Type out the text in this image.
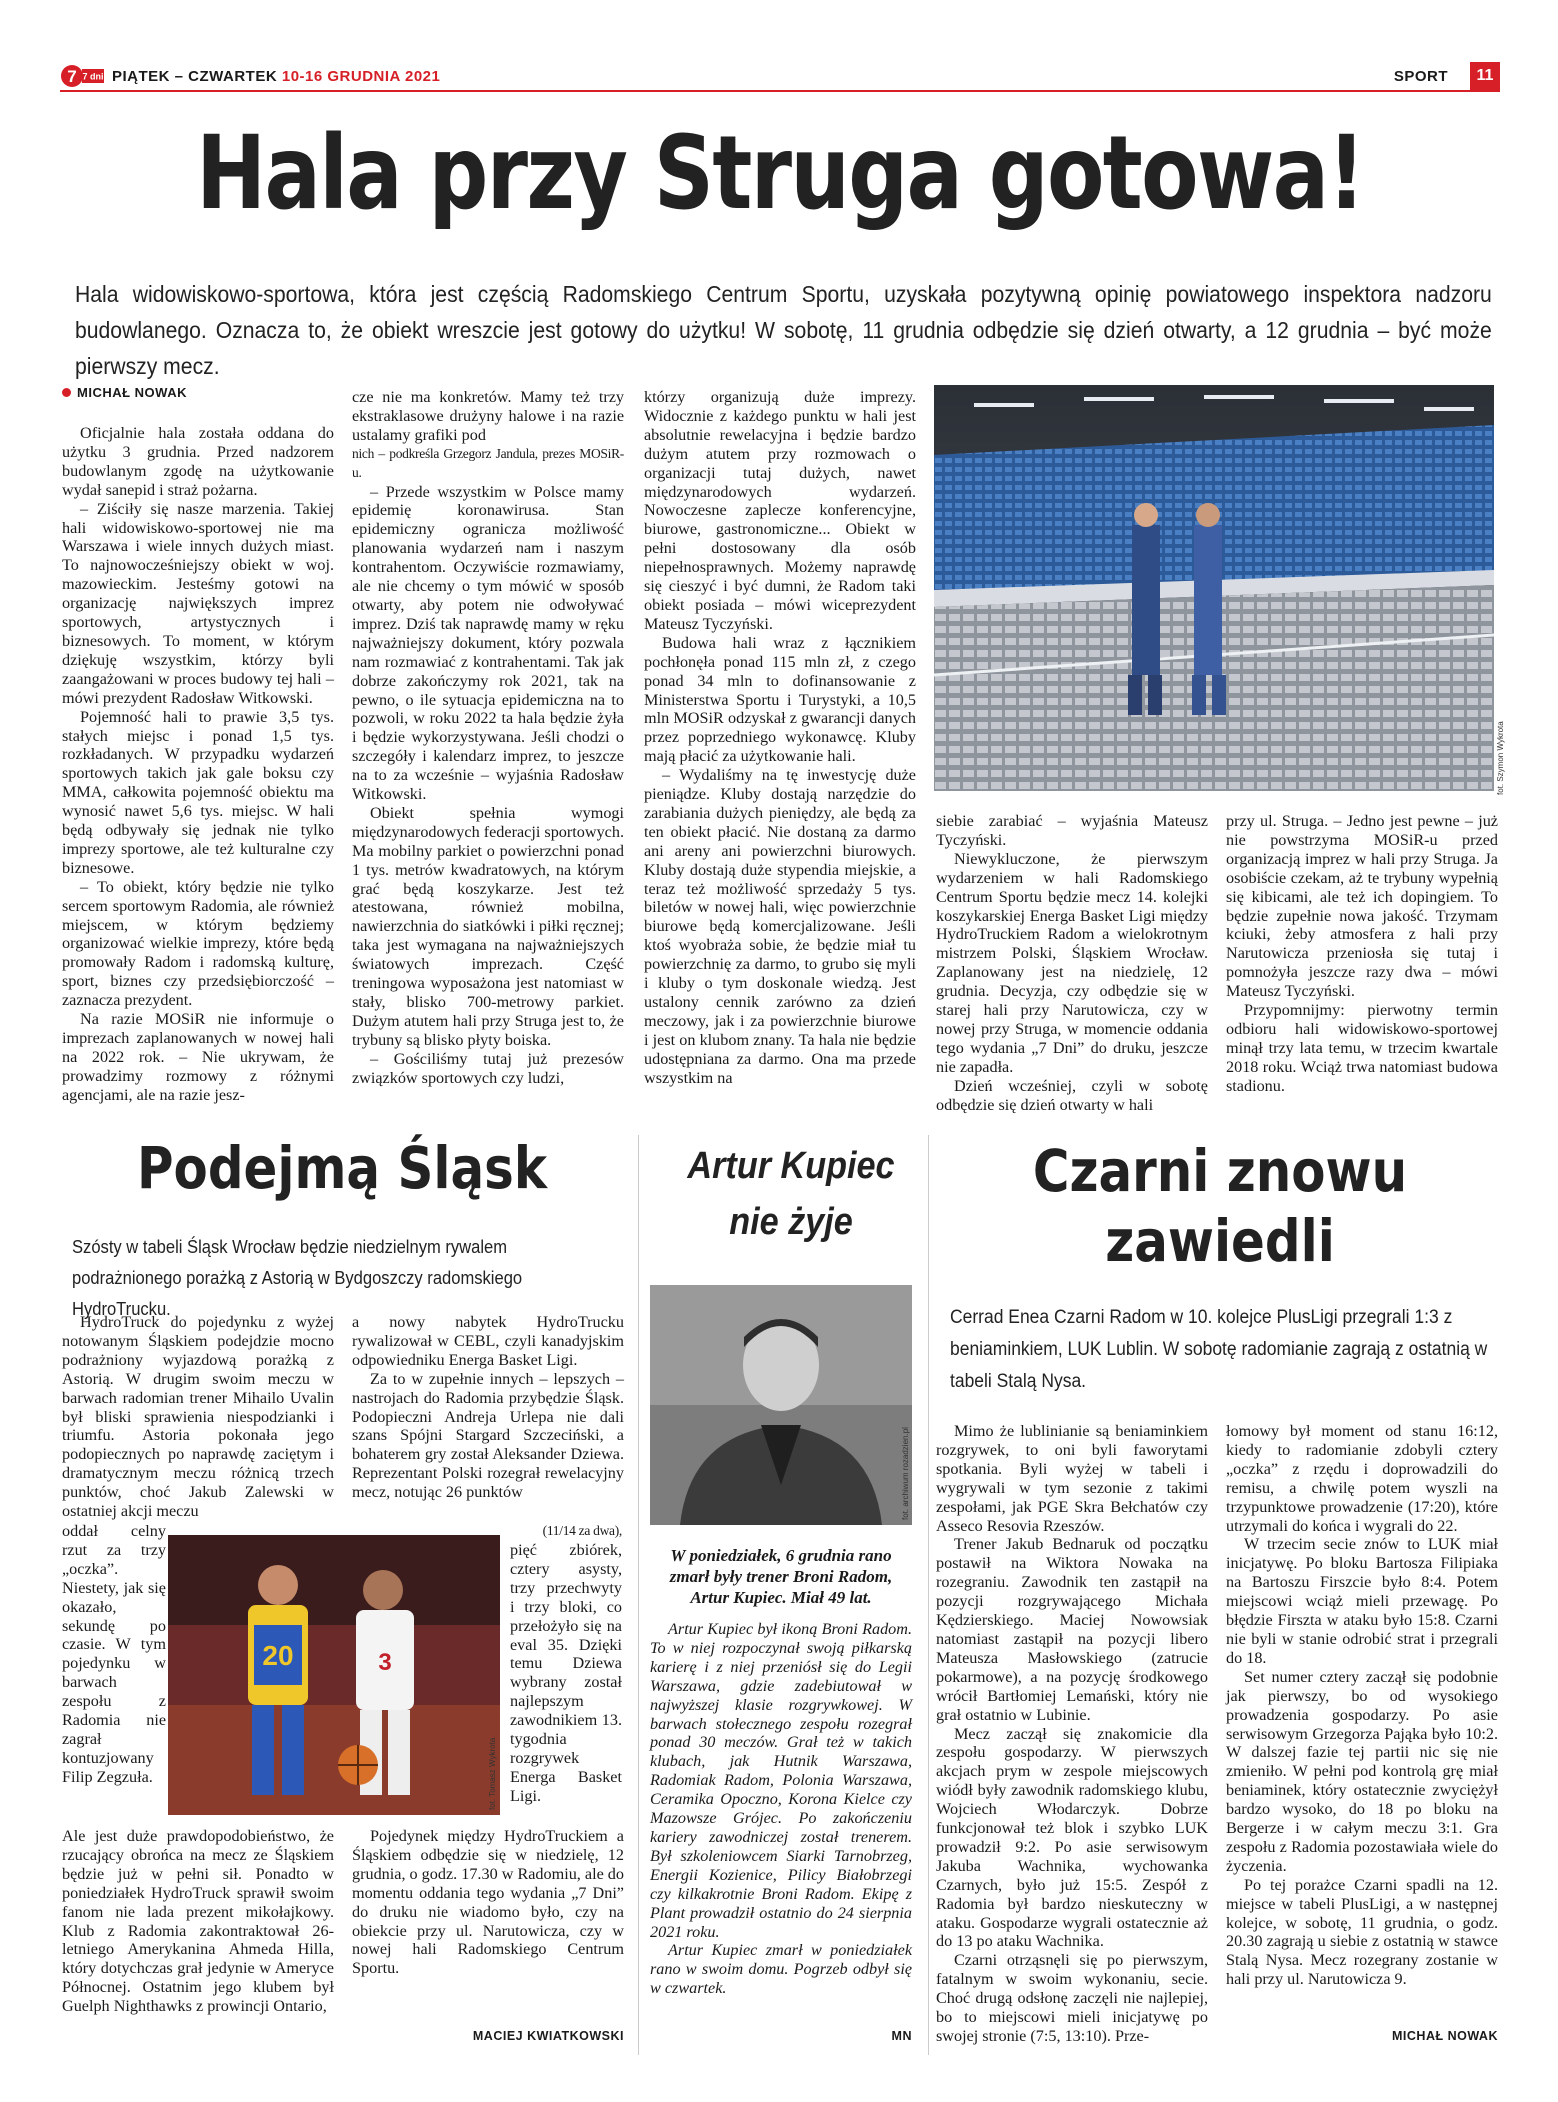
7 7 dni PIĄTEK – CZWARTEK 10-16 GRUDNIA 2021	SPORT	11
Hala przy Struga gotowa!
Hala widowiskowo-sportowa, która jest częścią Radomskiego Centrum Sportu, uzyskała pozytywną opinię powiatowego inspektora nadzoru budowlanego. Oznacza to, że obiekt wreszcie jest gotowy do użytku! W sobotę, 11 grudnia odbędzie się dzień otwarty, a 12 grudnia – być może pierwszy mecz.
MICHAŁ NOWAK

Oficjalnie hala została oddana do użytku 3 grudnia. Przed nadzorem budowlanym zgodę na użytkowanie wydał sanepid i straż pożarna.

– Ziściły się nasze marzenia. Takiej hali widowiskowo-sportowej nie ma Warszawa i wiele innych dużych miast. To najnowocześniejszy obiekt w woj. mazowieckim. Jesteśmy gotowi na organizację największych imprez sportowych, artystycznych i biznesowych. To moment, w którym dziękuję wszystkim, którzy byli zaangażowani w proces budowy tej hali – mówi prezydent Radosław Witkowski.

Pojemność hali to prawie 3,5 tys. stałych miejsc i ponad 1,5 tys. rozkładanych. W przypadku wydarzeń sportowych takich jak gale boksu czy MMA, całkowita pojemność obiektu ma wynosić nawet 5,6 tys. miejsc. W hali będą odbywały się jednak nie tylko imprezy sportowe, ale też kulturalne czy biznesowe.

– To obiekt, który będzie nie tylko sercem sportowym Radomia, ale również miejscem, w którym będziemy organizować wielkie imprezy, które będą promowały Radom i radomską kulturę, sport, biznes czy przedsiębiorczość – zaznacza prezydent.

Na razie MOSiR nie informuje o imprezach zaplanowanych w nowej hali na 2022 rok. – Nie ukrywam, że prowadzimy rozmowy z różnymi agencjami, ale na razie jesz-

cze nie ma konkretów. Mamy też trzy ekstraklasowe drużyny halowe i na razie ustalamy grafiki pod
nich – podkreśla Grzegorz Jandula, prezes MOSiR-u.

– Przede wszystkim w Polsce mamy epidemię koronawirusa. Stan epidemiczny ogranicza możliwość planowania wydarzeń nam i naszym kontrahentom. Oczywiście rozmawiamy, ale nie chcemy o tym mówić w sposób otwarty, aby potem nie odwoływać imprez. Dziś tak naprawdę mamy w ręku najważniejszy dokument, który pozwala nam rozmawiać z kontrahentami. Tak jak dobrze zakończymy rok 2021, tak na pewno, o ile sytuacja epidemiczna na to pozwoli, w roku 2022 ta hala będzie żyła i będzie wykorzystywana. Jeśli chodzi o szczegóły i kalendarz imprez, to jeszcze na to za wcześnie – wyjaśnia Radosław Witkowski.

Obiekt spełnia wymogi międzynarodowych federacji sportowych. Ma mobilny parkiet o powierzchni ponad 1 tys. metrów kwadratowych, na którym grać będą koszykarze. Jest też atestowana, również mobilna, nawierzchnia do siatkówki i piłki ręcznej; taka jest wymagana na najważniejszych światowych imprezach. Część treningowa wyposażona jest natomiast w stały, blisko 700-metrowy parkiet. Dużym atutem hali przy Struga jest to, że trybuny są blisko płyty boiska.

– Gościliśmy tutaj już prezesów związków sportowych czy ludzi,

którzy organizują duże imprezy. Widocznie z każdego punktu w hali jest absolutnie rewelacyjna i będzie bardzo dużym atutem przy rozmowach o organizacji tutaj dużych, nawet międzynarodowych wydarzeń. Nowoczesne zaplecze konferencyjne, biurowe, gastronomiczne... Obiekt w pełni dostosowany dla osób niepełnosprawnych. Możemy naprawdę się cieszyć i być dumni, że Radom taki obiekt posiada – mówi wiceprezydent Mateusz Tyczyński.

Budowa hali wraz z łącznikiem pochłonęła ponad 115 mln zł, z czego ponad 34 mln to dofinansowanie z Ministerstwa Sportu i Turystyki, a 10,5 mln MOSiR odzyskał z gwarancji danych przez poprzedniego wykonawcę. Kluby mają płacić za użytkowanie hali.

– Wydaliśmy na tę inwestycję duże pieniądze. Kluby dostają narzędzie do zarabiania dużych pieniędzy, ale będą za ten obiekt płacić. Nie dostaną za darmo ani areny ani powierzchni biurowych. Kluby dostają duże stypendia miejskie, a teraz też możliwość sprzedaży 5 tys. biletów w nowej hali, więc powierzchnie biurowe będą komercjalizowane. Jeśli ktoś wyobraża sobie, że będzie miał tu powierzchnię za darmo, to grubo się myli i kluby o tym doskonale wiedzą. Jest ustalony cennik zarówno za dzień meczowy, jak i za powierzchnie biurowe i jest on klubom znany. Ta hala nie będzie udostępniana za darmo. Ona ma przede wszystkim na

fot. Szymon Wykrota
siebie zarabiać – wyjaśnia Mateusz Tyczyński.

Niewykluczone, że pierwszym wydarzeniem w hali Radomskiego Centrum Sportu będzie mecz 14. kolejki koszykarskiej Energa Basket Ligi między HydroTruckiem Radom a wielokrotnym mistrzem Polski, Śląskiem Wrocław. Zaplanowany jest na niedzielę, 12 grudnia. Decyzja, czy odbędzie się w starej hali przy Narutowicza, czy w nowej przy Struga, w momencie oddania tego wydania „7 Dni” do druku, jeszcze nie zapadła.

Dzień wcześniej, czyli w sobotę odbędzie się dzień otwarty w hali

przy ul. Struga. – Jedno jest pewne – już nie powstrzyma MOSiR-u przed organizacją imprez w hali przy Struga. Ja osobiście czekam, aż te trybuny wypełnią się kibicami, ale też ich dopingiem. To będzie zupełnie nowa jakość. Trzymam kciuki, żeby atmosfera z hali przy Narutowicza przeniosła się tutaj i pomnożyła jeszcze razy dwa – mówi Mateusz Tyczyński.

Przypomnijmy: pierwotny termin odbioru hali widowiskowo-sportowej minął trzy lata temu, w trzecim kwartale 2018 roku. Wciąż trwa natomiast budowa stadionu.

Podejmą Śląsk
Szósty w tabeli Śląsk Wrocław będzie niedzielnym rywalem podrażnionego porażką z Astorią w Bydgoszczy radomskiego HydroTrucku.

HydroTruck do pojedynku z wyżej notowanym Śląskiem podejdzie mocno podrażniony wyjazdową porażką z Astorią. W drugim swoim meczu w barwach radomian trener Mihailo Uvalin był bliski sprawienia niespodzianki i triumfu. Astoria pokonała jego podopiecznych po naprawdę zaciętym i dramatycznym meczu różnicą trzech punktów, choć Jakub Zalewski w ostatniej akcji meczu

oddał celny rzut za trzy „oczka”. Niestety, jak się okazało, sekundę po czasie. W tym pojedynku w barwach zespołu z Radomia nie zagrał kontuzjowany Filip Zegzuła.
Ale jest duże prawdopodobieństwo, że rzucający obrońca na mecz ze Śląskiem będzie już w pełni sił. Ponadto w poniedziałek HydroTruck sprawił swoim fanom nie lada prezent mikołajkowy. Klub z Radomia zakontraktował 26-letniego Amerykanina Ahmeda Hilla, który dotychczas grał jedynie w Ameryce Północnej. Ostatnim jego klubem był Guelph Nighthawks z prowincji Ontario,
20	3
fot. Tomasz Wykrota
a nowy nabytek HydroTrucku rywalizował w CEBL, czyli kanadyjskim odpowiedniku Energa Basket Ligi.

Za to w zupełnie innych – lepszych – nastrojach do Radomia przybędzie Śląsk. Podopieczni Andreja Urlepa nie dali szans Spójni Stargard Szczeciński, a bohaterem gry został Aleksander Dziewa. Reprezentant Polski rozegrał rewelacyjny mecz, notując 26 punktów

(11/14 za dwa),
pięć zbiórek, cztery asysty, trzy przechwyty i trzy bloki, co przełożyło się na eval 35. Dzięki temu Dziewa wybrany został najlepszym zawodnikiem 13. tygodnia rozgrywek Energa Basket Ligi.

Pojedynek między HydroTruckiem a Śląskiem odbędzie się w niedzielę, 12 grudnia, o godz. 17.30 w Radomiu, ale do momentu oddania tego wydania „7 Dni” do druku nie wiadomo było, czy na obiekcie przy ul. Narutowicza, czy w nowej hali Radomskiego Centrum Sportu.

MACIEJ KWIATKOWSKI
Artur Kupiec
nie żyje
fot. archiwum rozadzien.pl
W poniedziałek, 6 grudnia rano zmarł były trener Broni Radom, Artur Kupiec. Miał 49 lat.

Artur Kupiec był ikoną Broni Radom. To w niej rozpoczynał swoją piłkarską karierę i z niej przeniósł się do Legii Warszawa, gdzie zadebiutował w najwyższej klasie rozgrywkowej. W barwach stołecznego zespołu rozegrał ponad 30 meczów. Grał też w takich klubach, jak Hutnik Warszawa, Radomiak Radom, Polonia Warszawa, Ceramika Opoczno, Korona Kielce czy Mazowsze Grójec. Po zakończeniu kariery zawodniczej został trenerem. Był szkoleniowcem Siarki Tarnobrzeg, Energii Kozienice, Pilicy Białobrzegi czy kilkakrotnie Broni Radom. Ekipę z Plant prowadził ostatnio do 24 sierpnia 2021 roku.

Artur Kupiec zmarł w poniedziałek rano w swoim domu. Pogrzeb odbył się w czwartek.

MN
Czarni znowu
zawiedli
Cerrad Enea Czarni Radom w 10. kolejce PlusLigi przegrali 1:3 z beniaminkiem, LUK Lublin. W sobotę radomianie zagrają z ostatnią w tabeli Stalą Nysa.

Mimo że lublinianie są beniaminkiem rozgrywek, to oni byli faworytami spotkania. Byli wyżej w tabeli i wygrywali w tym sezonie z takimi zespołami, jak PGE Skra Bełchatów czy Asseco Resovia Rzeszów.

Trener Jakub Bednaruk od początku postawił na Wiktora Nowaka na rozegraniu. Zawodnik ten zastąpił na pozycji rozgrywającego Michała Kędzierskiego. Maciej Nowowsiak natomiast zastąpił na pozycji libero Mateusza Masłowskiego (zatrucie pokarmowe), a na pozycję środkowego wrócił Bartłomiej Lemański, który nie grał ostatnio w Lubinie.

Mecz zaczął się znakomicie dla zespołu gospodarzy. W pierwszych akcjach prym w zespole miejscowych wiódł były zawodnik radomskiego klubu, Wojciech Włodarczyk. Dobrze funkcjonował też blok i szybko LUK prowadził 9:2. Po asie serwisowym Jakuba Wachnika, wychowanka Czarnych, było już 15:5. Zespół z Radomia był bardzo nieskuteczny w ataku. Gospodarze wygrali ostatecznie aż do 13 po ataku Wachnika.

Czarni otrząsnęli się po pierwszym, fatalnym w swoim wykonaniu, secie. Choć drugą odsłonę zaczęli nie najlepiej, bo to miejscowi mieli inicjatywę po swojej stronie (7:5, 13:10). Prze-

łomowy był moment od stanu 16:12, kiedy to radomianie zdobyli cztery „oczka” z rzędu i doprowadzili do remisu, a chwilę potem wyszli na trzypunktowe prowadzenie (17:20), które utrzymali do końca i wygrali do 22.

W trzecim secie znów to LUK miał inicjatywę. Po bloku Bartosza Filipiaka na Bartoszu Firszcie było 8:4. Potem miejscowi wciąż mieli przewagę. Po błędzie Firszta w ataku było 15:8. Czarni nie byli w stanie odrobić strat i przegrali do 18.

Set numer cztery zaczął się podobnie jak pierwszy, bo od wysokiego prowadzenia gospodarzy. Po asie serwisowym Grzegorza Pająka było 10:2. W dalszej fazie tej partii nic się nie zmieniło. W pełni pod kontrolą grę miał beniaminek, który ostatecznie zwyciężył bardzo wysoko, do 18 po bloku na Bergerze i w całym meczu 3:1. Gra zespołu z Radomia pozostawiała wiele do życzenia.

Po tej porażce Czarni spadli na 12. miejsce w tabeli PlusLigi, a w następnej kolejce, w sobotę, 11 grudnia, o godz. 20.30 zagrają u siebie z ostatnią w stawce Stalą Nysa. Mecz rozegrany zostanie w hali przy ul. Narutowicza 9.

MICHAŁ NOWAK
